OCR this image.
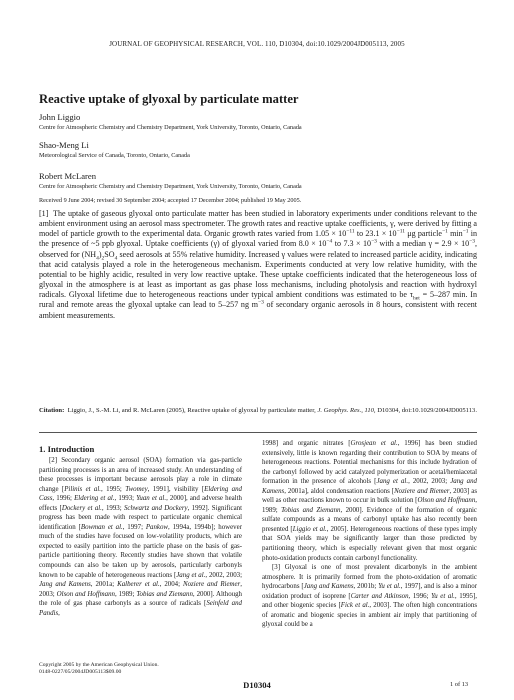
JOURNAL OF GEOPHYSICAL RESEARCH, VOL. 110, D10304, doi:10.1029/2004JD005113, 2005
Reactive uptake of glyoxal by particulate matter
John Liggio
Centre for Atmospheric Chemistry and Chemistry Department, York University, Toronto, Ontario, Canada
Shao-Meng Li
Meteorological Service of Canada, Toronto, Ontario, Canada
Robert McLaren
Centre for Atmospheric Chemistry and Chemistry Department, York University, Toronto, Ontario, Canada
Received 9 June 2004; revised 30 September 2004; accepted 17 December 2004; published 19 May 2005.
[1] The uptake of gaseous glyoxal onto particulate matter has been studied in laboratory experiments under conditions relevant to the ambient environment using an aerosol mass spectrometer. The growth rates and reactive uptake coefficients, γ, were derived by fitting a model of particle growth to the experimental data. Organic growth rates varied from $1.05 \times 10^{-11}$ to $23.1 \times 10^{-11}$ μg particle$^{-1}$ $\min^{-1}$ in the presence of ~5 ppb glyoxal. Uptake coefficients (γ) of glyoxal varied from $8.0 \times 10^{-4}$ to $7.3 \times 10^{-3}$ with a median $\gamma = 2.9 \times 10^{-3}$, observed for $(NH_4)_2SO_4$ seed aerosols at 55% relative humidity. Increased γ values were related to increased particle acidity, indicating that acid catalysis played a role in the heterogeneous mechanism. Experiments conducted at very low relative humidity, with the potential to be highly acidic, resulted in very low reactive uptake. These uptake coefficients indicated that the heterogeneous loss of glyoxal in the atmosphere is at least as important as gas phase loss mechanisms, including photolysis and reaction with hydroxyl radicals. Glyoxal lifetime due to heterogeneous reactions under typical ambient conditions was estimated to be $\tau_{het} = 5-287$ min. In rural and remote areas the glyoxal uptake can lead to 5–257 ng $m^{-3}$ of secondary organic aerosols in 8 hours, consistent with recent ambient measurements.
Citation: Liggio, J., S.-M. Li, and R. McLaren (2005), Reactive uptake of glyoxal by particulate matter, J. Geophys. Res., 110, D10304, doi:10.1029/2004JD005113.
1. Introduction

[2] Secondary organic aerosol (SOA) formation via gas-particle partitioning processes is an area of increased study. An understanding of these processes is important because aerosols play a role in climate change [Pilinis et al., 1995; Twomey, 1991], visibility [Eldering and Cass, 1996; Eldering et al., 1993; Yuan et al., 2000], and adverse health effects [Dockery et al., 1993; Schwartz and Dockery, 1992]. Significant progress has been made with respect to particulate organic chemical identification [Bowman et al., 1997; Pankow, 1994a, 1994b]; however much of the studies have focused on low-volatility products, which are expected to easily partition into the particle phase on the basis of gas-particle partitioning theory. Recently studies have shown that volatile compounds can also be taken up by aerosols, particularly carbonyls known to be capable of heterogeneous reactions [Jang et al., 2002, 2003; Jang and Kamens, 2001a; Kalberer et al., 2004; Noziere and Riemer, 2003; Olson and Hoffmann, 1989; Tobias and Ziemann, 2000]. Although the role of gas phase carbonyls as a source of radicals [Seinfeld and Pandis,

1998] and organic nitrates [Grosjean et al., 1996] has been studied extensively, little is known regarding their contribution to SOA by means of heterogeneous reactions. Potential mechanisms for this include hydration of the carbonyl followed by acid catalyzed polymerization or acetal/hemiacetal formation in the presence of alcohols [Jang et al., 2002, 2003; Jang and Kamens, 2001a], aldol condensation reactions [Noziere and Riemer, 2003] as well as other reactions known to occur in bulk solution [Olson and Hoffmann, 1989; Tobias and Ziemann, 2000]. Evidence of the formation of organic sulfate compounds as a means of carbonyl uptake has also recently been presented [Liggio et al., 2005]. Heterogeneous reactions of these types imply that SOA yields may be significantly larger than those predicted by partitioning theory, which is especially relevant given that most organic photo-oxidation products contain carbonyl functionality.

[3] Glyoxal is one of most prevalent dicarbonyls in the ambient atmosphere. It is primarily formed from the photo-oxidation of aromatic hydrocarbons [Jang and Kamens, 2001b; Yu et al., 1997], and is also a minor oxidation product of isoprene [Carter and Atkinson, 1996; Yu et al., 1995], and other biogenic species [Fick et al., 2003]. The often high concentrations of aromatic and biogenic species in ambient air imply that partitioning of glyoxal could be a

Copyright 2005 by the American Geophysical Union.
0148-0227/05/2004JD005113$09.00
D10304	1 of 13
